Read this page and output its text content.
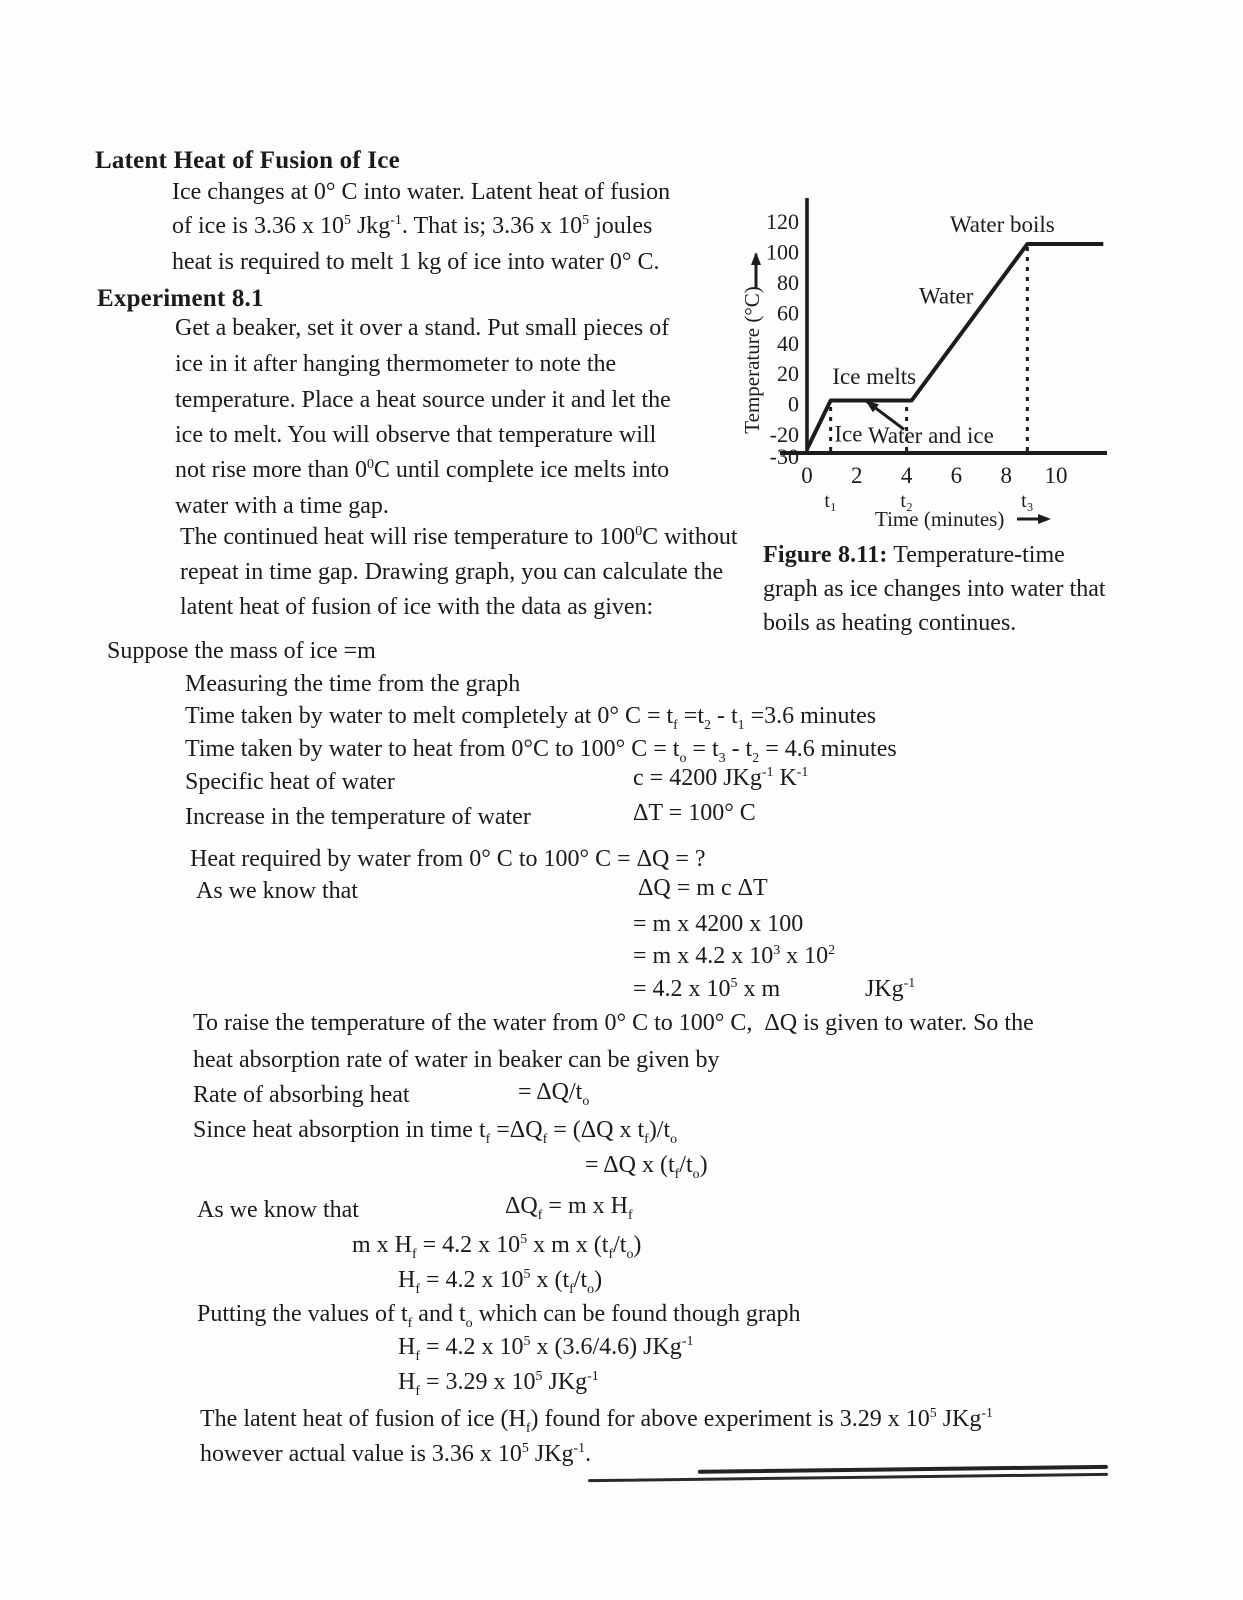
Latent Heat of Fusion of Ice
Experiment 8.1
Ice changes at 0° C into water. Latent heat of fusion
of ice is 3.36 x $10^5$ Jkg$^{-1}$. That is; 3.36 x $10^5$ joules
heat is required to melt 1 kg of ice into water 0° C.
Get a beaker, set it over a stand. Put small pieces of
ice in it after hanging thermometer to note the
temperature. Place a heat source under it and let the
ice to melt. You will observe that temperature will
not rise more than $0^0C$ until complete ice melts into
water with a time gap.
The continued heat will rise temperature to $100^0C$ without
repeat in time gap. Drawing graph, you can calculate the
latent heat of fusion of ice with the data as given:
Suppose the mass of ice =m
Measuring the time from the graph
Time taken by water to melt completely at 0° $C = t_f =t_2 - t_1 =3.6$ minutes
Time taken by water to heat from 0°C to 100° $C = t_o = t_3 - t_2 = 4.6$ minutes
Specific heat of water	c = 4200 JKg$^{-1}$ $K^{-1}$
Increase in the temperature of water	ΔT = 100° C
Heat required by water from 0° C to 100° C = ΔQ = ?
As we know that	ΔQ = m c ΔT
= m x 4200 x 100
= m x 4.2 x $10^3$ x $10^2$
= 4.2 x $10^5$ x m	JKg$^{-1}$
To raise the temperature of the water from 0° C to 100° C,  ΔQ is given to water. So the
heat absorption rate of water in beaker can be given by
Rate of absorbing heat	= $\Delta Q/t_o$
Since heat absorption in time $t_f =\Delta Q_f = (\Delta Q$ x $t_f)/t_o$
= ΔQ x $(t_f/t_o)$
As we know that	$\Delta Q_f = m$ x $H_f$
m x $H_f = 4.2$ x $10^5$ x m x $(t_f/t_o)$
$H_f = 4.2$ x $10^5$ x $(t_f/t_o)$
Putting the values of $t_f$ and $t_o$ which can be found though graph
$H_f = 4.2$ x $10^5$ x (3.6/4.6) JKg$^{-1}$
$H_f = 3.29$ x $10^5$ JKg$^{-1}$
The latent heat of fusion of ice $(H_f)$ found for above experiment is 3.29 x $10^5$ JKg$^{-1}$
however actual value is 3.36 x $10^5$ JKg$^{-1}$.
t₁	t₂	t₃
120
100
80
60
40
20
0
-20
-30
0 2 4 6 8 10
Water boils
Water
Ice melts
Ice Water and ice
Temperature (°C)
Time (minutes)
Figure 8.11: Temperature-time graph as ice changes into water that boils as heating continues.
